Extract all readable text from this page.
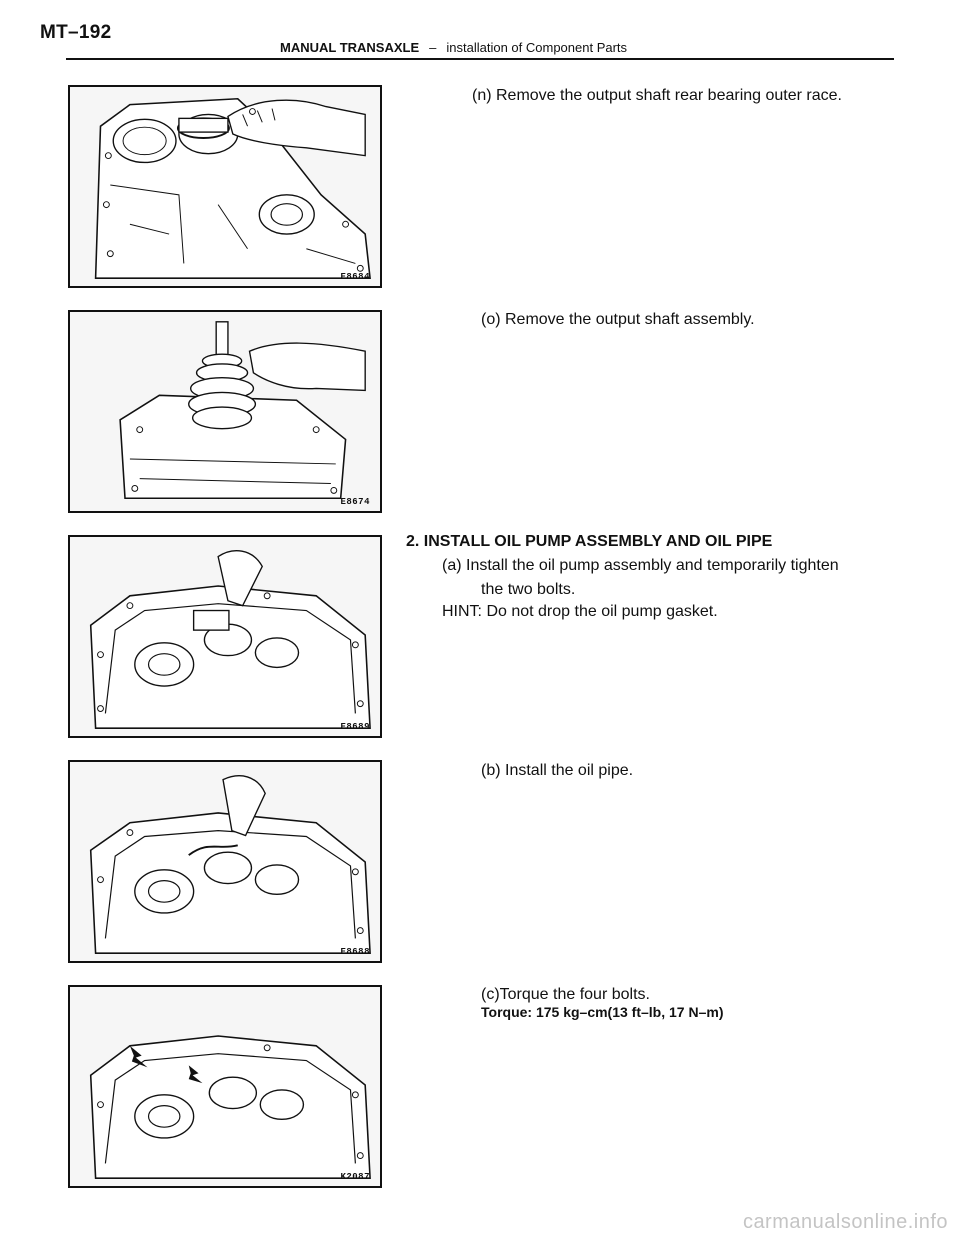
MT–192
MANUAL TRANSAXLE – installation of Component Parts
E8684
E8674
E8689
E8688
K2087
(n) Remove the output shaft rear bearing outer race.
(o) Remove the output shaft assembly.
2. INSTALL OIL PUMP ASSEMBLY AND OIL PIPE
(a) Install the oil pump assembly and temporarily tighten
the two bolts.
HINT: Do not drop the oil pump gasket.
(b) Install the oil pipe.
(c)Torque the four bolts.
Torque: 175 kg–cm(13 ft–lb, 17 N–m)
carmanualsonline.info
